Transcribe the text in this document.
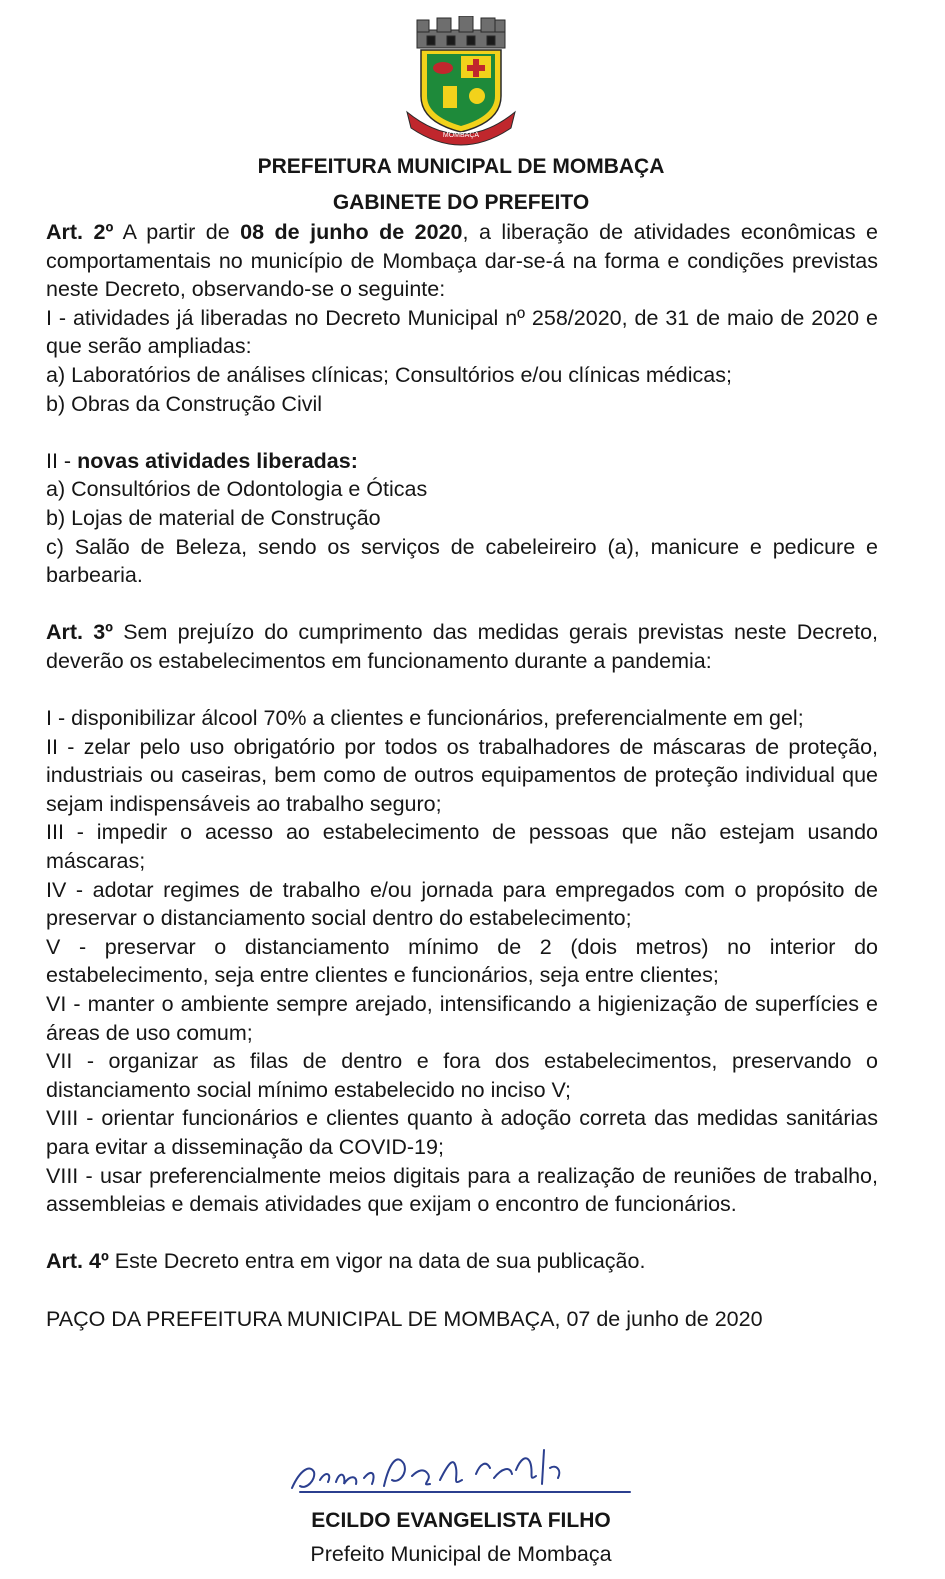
MOMBAÇA
PREFEITURA MUNICIPAL DE MOMBAÇA
GABINETE DO PREFEITO

Art. 2º A partir de 08 de junho de 2020, a liberação de atividades econômicas e comportamentais no município de Mombaça dar-se-á na forma e condições previstas neste Decreto, observando-se o seguinte:

I - atividades já liberadas no Decreto Municipal nº 258/2020, de 31 de maio de 2020 e que serão ampliadas:

a) Laboratórios de análises clínicas; Consultórios e/ou clínicas médicas;

b) Obras da Construção Civil

II - novas atividades liberadas:

a) Consultórios de Odontologia e Óticas

b) Lojas de material de Construção

c) Salão de Beleza, sendo os serviços de cabeleireiro (a), manicure e pedicure e barbearia.

Art. 3º Sem prejuízo do cumprimento das medidas gerais previstas neste Decreto, deverão os estabelecimentos em funcionamento durante a pandemia:

I - disponibilizar álcool 70% a clientes e funcionários, preferencialmente em gel;

II - zelar pelo uso obrigatório por todos os trabalhadores de máscaras de proteção, industriais ou caseiras, bem como de outros equipamentos de proteção individual que sejam indispensáveis ao trabalho seguro;

III - impedir o acesso ao estabelecimento de pessoas que não estejam usando máscaras;

IV - adotar regimes de trabalho e/ou jornada para empregados com o propósito de preservar o distanciamento social dentro do estabelecimento;

V - preservar o distanciamento mínimo de 2 (dois metros) no interior do estabelecimento, seja entre clientes e funcionários, seja entre clientes;

VI - manter o ambiente sempre arejado, intensificando a higienização de superfícies e áreas de uso comum;

VII - organizar as filas de dentro e fora dos estabelecimentos, preservando o distanciamento social mínimo estabelecido no inciso V;

VIII - orientar funcionários e clientes quanto à adoção correta das medidas sanitárias para evitar a disseminação da COVID-19;

VIII - usar preferencialmente meios digitais para a realização de reuniões de trabalho, assembleias e demais atividades que exijam o encontro de funcionários.

Art. 4º Este Decreto entra em vigor na data de sua publicação.

PAÇO DA PREFEITURA MUNICIPAL DE MOMBAÇA, 07 de junho de 2020

ECILDO EVANGELISTA FILHO
Prefeito Municipal de Mombaça
